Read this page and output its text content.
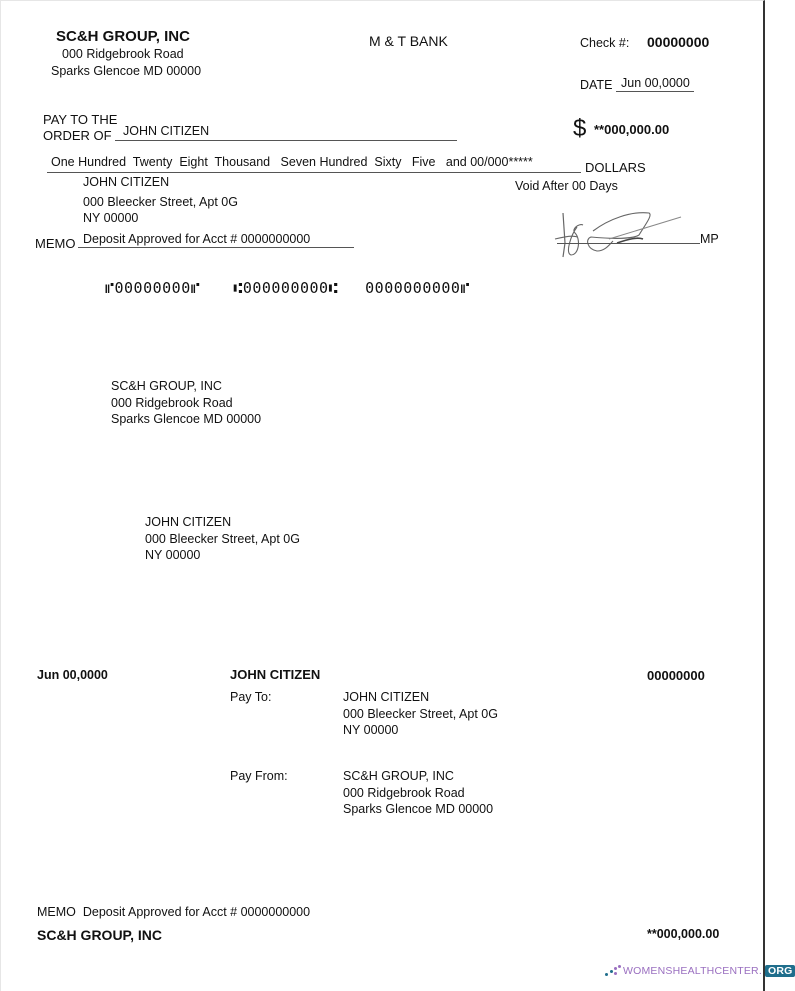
SC&H GROUP, INC
000 Ridgebrook Road
Sparks Glencoe MD 00000
M & T BANK	Check #: 00000000
DATE Jun 00,0000
PAY TO THE
ORDER OF JOHN CITIZEN	$ **000,000.00
One Hundred  Twenty  Eight  Thousand   Seven Hundred  Sixty   Five   and 00/000*****	DOLLARS
Void After 00 Days
JOHN CITIZEN
000 Bleecker Street, Apt 0G
NY 00000
MEMO Deposit Approved for Acct # 0000000000	MP
⑈00000000⑈ ⑆000000000⑆ 0000000000⑈
SC&H GROUP, INC
000 Ridgebrook Road
Sparks Glencoe MD 00000
JOHN CITIZEN
000 Bleecker Street, Apt 0G
NY 00000
Jun 00,0000	JOHN CITIZEN	00000000
Pay To:	JOHN CITIZEN
000 Bleecker Street, Apt 0G
NY 00000
Pay From:	SC&H GROUP, INC
000 Ridgebrook Road
Sparks Glencoe MD 00000
MEMO Deposit Approved for Acct # 0000000000
SC&H GROUP, INC	**000,000.00
WOMENSHEALTHCENTER. ORG
